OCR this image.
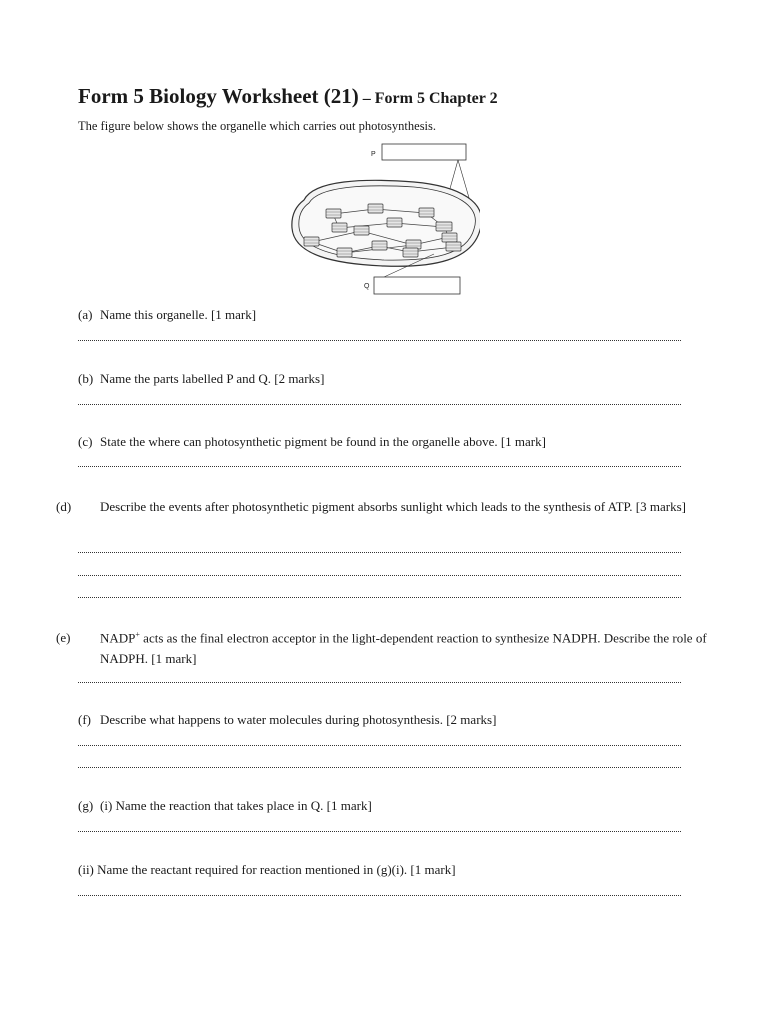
Form 5 Biology Worksheet (21) – Form 5 Chapter 2
The figure below shows the organelle which carries out photosynthesis.
P
Q
(a) Name this organelle. [1 mark]
(b) Name the parts labelled P and Q. [2 marks]
(c) State the where can photosynthetic pigment be found in the organelle above. [1 mark]
(d) Describe the events after photosynthetic pigment absorbs sunlight which leads to the synthesis of ATP. [3 marks]
(e) NADP+ acts as the final electron acceptor in the light-dependent reaction to synthesize NADPH. Describe the role of NADPH. [1 mark]
(f) Describe what happens to water molecules during photosynthesis. [2 marks]
(g) (i) Name the reaction that takes place in Q. [1 mark]
(ii) Name the reactant required for reaction mentioned in (g)(i). [1 mark]
